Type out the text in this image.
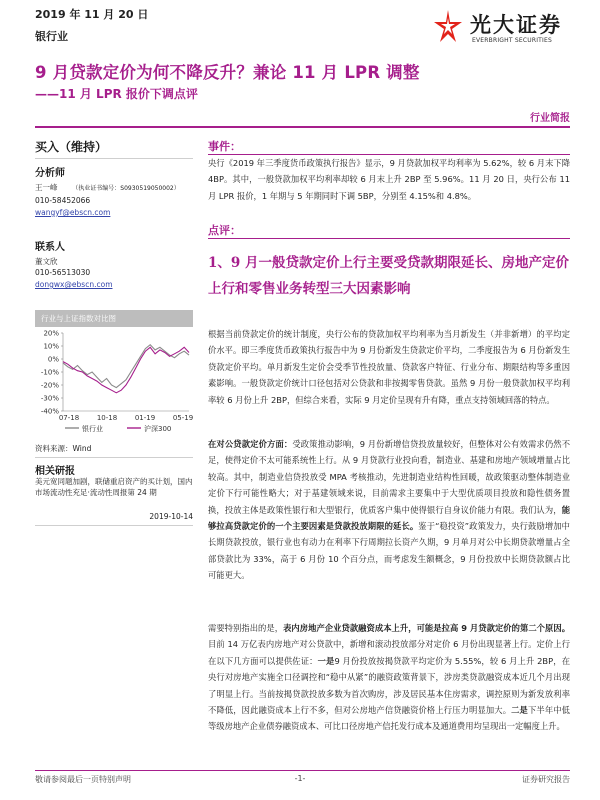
2019 年 11 月 20 日
银行业	光大证券
EVERBRIGHT SECURITIES
9 月贷款定价为何不降反升？兼论 11 月 LPR 调整
——11 月 LPR 报价下调点评
行业简报
买入（维持）
分析师
王一峰 （执业证书编号：S0930519050002）
010-58452066
wangyf@ebscn.com
联系人
董文欣
010-56513030
dongwx@ebscn.com
行业与上证指数对比图
20%
10%
0%
-10%
-20%
-30%
-40%
07-18	10-18	01-19	05-19
银行业	沪深300
资料来源：Wind
相关研报
美元宽同题加剧，联储重启资产的买计划，国内市场流动性充足·流动性周报第 24 期
2019-10-14
事件：
央行《2019 年三季度货币政策执行报告》显示，9 月贷款加权平均利率为 5.62%，较 6 月末下降 4BP。其中，一般贷款加权平均利率却较 6 月末上升 2BP 至 5.96%。11 月 20 日，央行公布 11 月 LPR 报价，1 年期与 5 年期同时下调 5BP，分别至 4.15%和 4.8%。
点评：
1、9 月一般贷款定价上行主要受贷款期限延长、房地产定价上行和零售业务转型三大因素影响
根据当前贷款定价的统计制度，央行公布的贷款加权平均利率为当月新发生（并非新增）的平均定价水平。即三季度货币政策执行报告中为 9 月份新发生贷款定价平均，二季度报告为 6 月份新发生贷款定价平均。单月新发生定价会受季节性投放量、贷款客户特征、行业分布、期限结构等多重因素影响。一般贷款定价统计口径包括对公贷款和非按揭零售贷款。虽然 9 月份一般贷款加权平均利率较 6 月份上升 2BP，但综合来看，实际 9 月定价呈现有升有降，重点支持领域回落的特点。
在对公贷款定价方面：受政策推动影响，9 月份新增信贷投放量较好，但整体对公有效需求仍然不足，使得定价不太可能系统性上行。从 9 月贷款行业投向看，制造业、基建和房地产领域增量占比较高。其中，制造业信贷投放受 MPA 考核推动，先进制造业结构性回暖，故政策驱动整体制造业定价下行可能性略大；对于基建领域来说，目前需求主要集中于大型优质项目投放和隐性债务置换，投放主体是政策性银行和大型银行，优质客户集中使得银行自身议价能力有限。我们认为，能够拉高贷款定价的一个主要因素是贷款投放期限的延长。鉴于“稳投资”政策发力，央行鼓励增加中长期贷款投放，银行业也有动力在利率下行周期拉长资产久期，9 月单月对公中长期贷款增量占全部贷款比为 33%，高于 6 月份 10 个百分点，而考虑发生额概念，9 月份投放中长期贷款额占比可能更大。
需要特别指出的是，表内房地产企业贷款融资成本上升，可能是拉高 9 月贷款定价的第二个原因。目前 14 万亿表内房地产对公贷款中，新增和滚动投放部分对定价 6 月份出现显著上行。定价上行在以下几方面可以提供佐证：一是9 月份投放按揭贷款平均定价为 5.55%，较 6 月上升 2BP，在央行对房地产实施全口径调控和“稳中从紧”的融资政策背景下，涉房类贷款融资成本近几个月出现了明显上行。当前按揭贷款投放多数为首次购房，涉及居民基本住房需求，调控原则为新发放利率不降低，因此融资成本上行不多，但对公房地产信贷融资价格上行压力明显加大。二是下半年中低等级房地产企业债券融资成本、可比口径房地产信托发行成本及通道费用均呈现出一定幅度上升。
敬请参阅最后一页特别声明	-1-	证券研究报告
